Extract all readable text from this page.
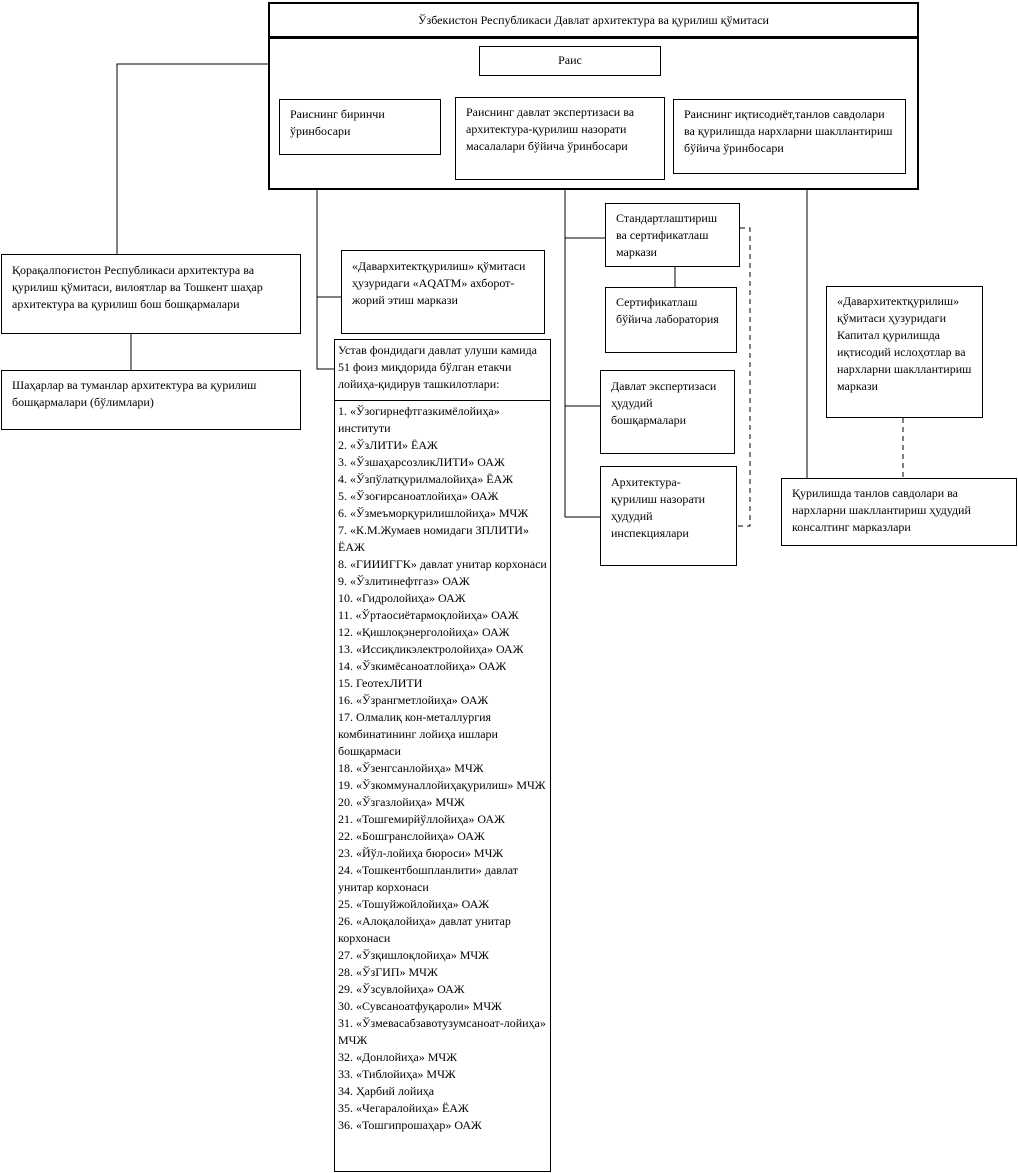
Ўзбекистон Республикаси Давлат архитектура ва қурилиш қўмитаси
Раис
Раиснинг биринчи ўринбосари
Раиснинг давлат экспертизаси ва архитектура-қурилиш назорати масалалари бўйича ўринбосари
Раиснинг иқтисодиёт,танлов савдолари ва қурилишда нархларни шакллантириш бўйича ўринбосари
Қорақалпоғистон Республикаси архитектура ва қурилиш қўмитаси, вилоятлар ва Тошкент шаҳар архитектура ва қурилиш бош бошқармалари
Шаҳарлар ва туманлар архитектура ва қурилиш бошқармалари (бўлимлари)
«Давархитектқурилиш» қўмитаси ҳузуридаги «AQATM» ахборот-жорий этиш маркази
Устав фондидаги давлат улуши камида 51 фоиз миқдорида бўлган етакчи лойиҳа-қидирув ташкилотлари:
1. «Ўзогирнефтгазкимёлойиҳа» институти
2. «ЎзЛИТИ» ЁАЖ
3. «ЎзшаҳарсозликЛИТИ» ОАЖ
4. «Ўзпўлатқурилмалойиҳа» ЁАЖ
5. «Ўзоғирсаноатлойиҳа» ОАЖ
6. «Ўзмеъморқурилишлойиҳа» МЧЖ
7. «К.М.Жумаев номидаги ЗПЛИТИ» ЁАЖ
8. «ГИИИГГК» давлат унитар корхонаси
9. «Ўзлитинефтгаз» ОАЖ
10. «Гидролойиҳа» ОАЖ
11. «Ўртаосиётармоқлойиҳа» ОАЖ
12. «Қишлоқэнерголойиҳа» ОАЖ
13. «Иссиқликэлектролойиҳа» ОАЖ
14. «Ўзкимёсаноатлойиҳа» ОАЖ
15. ГеотехЛИТИ
16. «Ўзрангметлойиҳа» ОАЖ
17. Олмалиқ кон-металлургия комбинатининг лойиҳа ишлари бошқармаси
18. «Ўзенгсанлойиҳа» МЧЖ
19. «Ўзкоммуналлойиҳақурилиш» МЧЖ
20. «Ўзгазлойиҳа» МЧЖ
21. «Тошгемирйўллойиҳа» ОАЖ
22. «Бошгранслойиҳа» ОАЖ
23. «Йўл-лойиҳа бюроси» МЧЖ
24. «Тошкентбошпланлити» давлат унитар корхонаси
25. «Тошуйжойлойиҳа» ОАЖ
26. «Алоқалойиҳа» давлат унитар корхонаси
27. «Ўзқишлоқлойиҳа» МЧЖ
28. «ЎзГИП» МЧЖ
29. «Ўзсувлойиҳа» ОАЖ
30. «Сувсаноатфуқароли» МЧЖ
31. «Ўзмевасабзавотузумсаноат-лойиҳа» МЧЖ
32. «Донлойиҳа» МЧЖ
33. «Тиблойиҳа» МЧЖ
34. Ҳарбий лойиҳа
35. «Чегаралойиҳа» ЁАЖ
36. «Тошгипрошаҳар» ОАЖ
Стандартлаштириш ва сертификатлаш маркази
Сертификатлаш бўйича лаборатория
Давлат экспертизаси ҳудудий бошқармалари
Архитектура-қурилиш назорати ҳудудий инспекциялари
«Давархитектқурилиш» қўмитаси ҳузуридаги Капитал қурилишда иқтисодий ислоҳотлар ва нархларни шакллантириш маркази
Қурилишда танлов савдолари ва нархларни шакллантириш ҳудудий консалтинг марказлари
